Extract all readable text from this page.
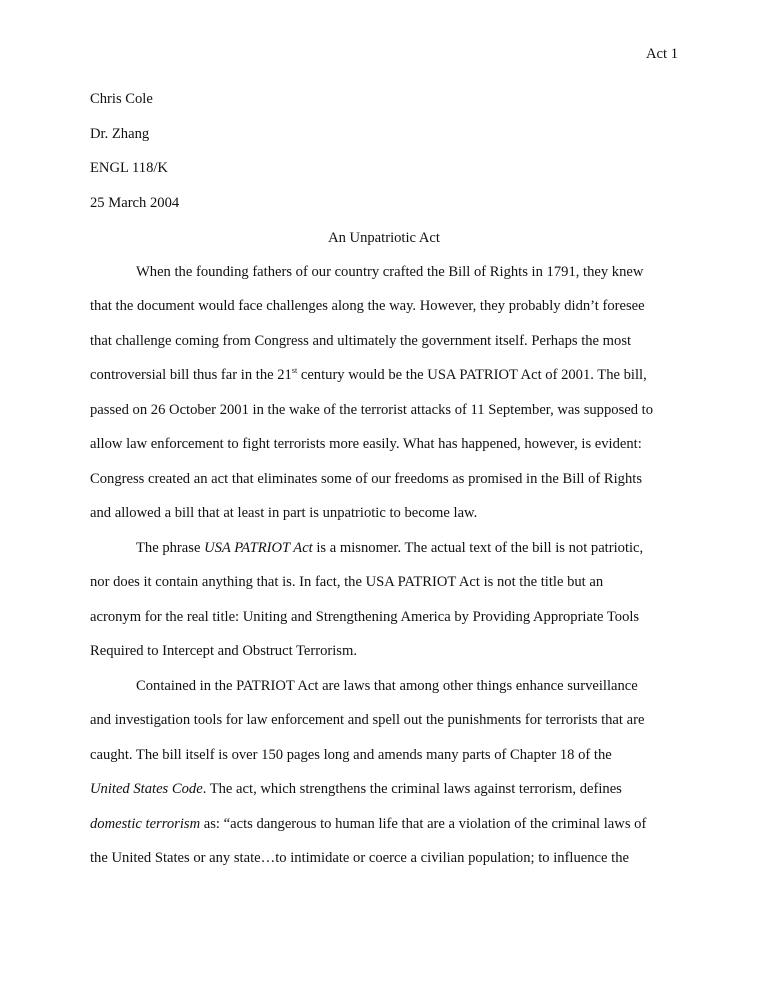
Act 1
Chris Cole
Dr. Zhang
ENGL 118/K
25 March 2004
An Unpatriotic Act
When the founding fathers of our country crafted the Bill of Rights in 1791, they knew
that the document would face challenges along the way. However, they probably didn’t foresee
that challenge coming from Congress and ultimately the government itself. Perhaps the most
controversial bill thus far in the 21st century would be the USA PATRIOT Act of 2001. The bill,
passed on 26 October 2001 in the wake of the terrorist attacks of 11 September, was supposed to
allow law enforcement to fight terrorists more easily. What has happened, however, is evident:
Congress created an act that eliminates some of our freedoms as promised in the Bill of Rights
and allowed a bill that at least in part is unpatriotic to become law.
The phrase USA PATRIOT Act is a misnomer. The actual text of the bill is not patriotic,
nor does it contain anything that is. In fact, the USA PATRIOT Act is not the title but an
acronym for the real title: Uniting and Strengthening America by Providing Appropriate Tools
Required to Intercept and Obstruct Terrorism.
Contained in the PATRIOT Act are laws that among other things enhance surveillance
and investigation tools for law enforcement and spell out the punishments for terrorists that are
caught. The bill itself is over 150 pages long and amends many parts of Chapter 18 of the
United States Code. The act, which strengthens the criminal laws against terrorism, defines
domestic terrorism as: “acts dangerous to human life that are a violation of the criminal laws of
the United States or any state…to intimidate or coerce a civilian population; to influence the
